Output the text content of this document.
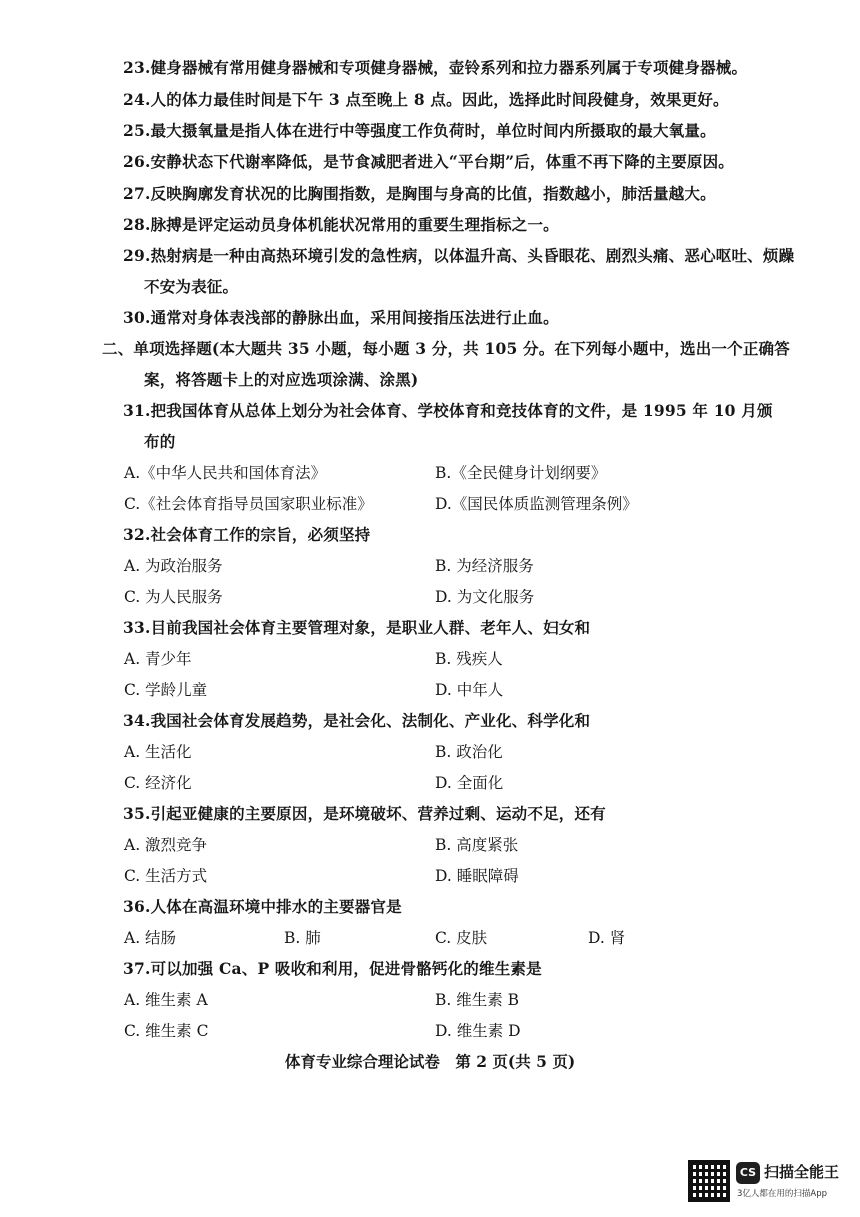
23.健身器械有常用健身器械和专项健身器械，壶铃系列和拉力器系列属于专项健身器械。
24.人的体力最佳时间是下午 3 点至晚上 8 点。因此，选择此时间段健身，效果更好。
25.最大摄氧量是指人体在进行中等强度工作负荷时，单位时间内所摄取的最大氧量。
26.安静状态下代谢率降低，是节食减肥者进入“平台期”后，体重不再下降的主要原因。
27.反映胸廓发育状况的比胸围指数，是胸围与身高的比值，指数越小，肺活量越大。
28.脉搏是评定运动员身体机能状况常用的重要生理指标之一。
29.热射病是一种由高热环境引发的急性病，以体温升高、头昏眼花、剧烈头痛、恶心呕吐、烦躁
不安为表征。
30.通常对身体表浅部的静脉出血，采用间接指压法进行止血。
二、单项选择题(本大题共 35 小题，每小题 3 分，共 105 分。在下列每小题中，选出一个正确答
案，将答题卡上的对应选项涂满、涂黑)
31.把我国体育从总体上划分为社会体育、学校体育和竞技体育的文件，是 1995 年 10 月颁
布的
A.《中华人民共和国体育法》	B.《全民健身计划纲要》
C.《社会体育指导员国家职业标准》	D.《国民体质监测管理条例》
32.社会体育工作的宗旨，必须坚持
A. 为政治服务	B. 为经济服务
C. 为人民服务	D. 为文化服务
33.目前我国社会体育主要管理对象，是职业人群、老年人、妇女和
A. 青少年	B. 残疾人
C. 学龄儿童	D. 中年人
34.我国社会体育发展趋势，是社会化、法制化、产业化、科学化和
A. 生活化	B. 政治化
C. 经济化	D. 全面化
35.引起亚健康的主要原因，是环境破坏、营养过剩、运动不足，还有
A. 激烈竞争	B. 高度紧张
C. 生活方式	D. 睡眠障碍
36.人体在高温环境中排水的主要器官是
A. 结肠	B. 肺	C. 皮肤	D. 肾
37.可以加强 Ca、P 吸收和利用，促进骨骼钙化的维生素是
A. 维生素 A	B. 维生素 B
C. 维生素 C	D. 维生素 D
体育专业综合理论试卷　第 2 页(共 5 页)
CS 扫描全能王
3亿人都在用的扫描App
